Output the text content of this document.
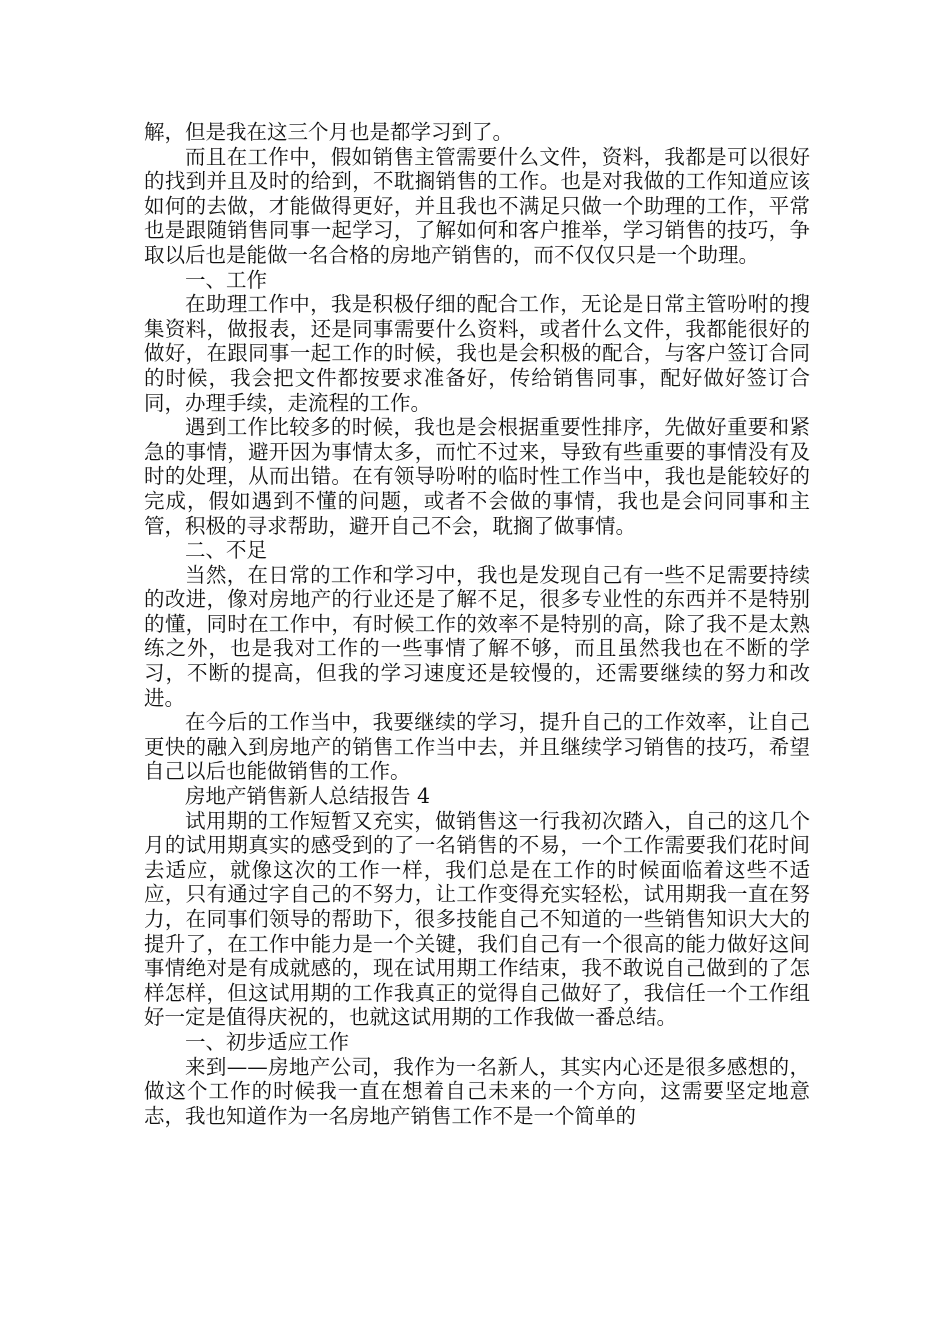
解，但是我在这三个月也是都学习到了。

而且在工作中，假如销售主管需要什么文件，资料，我都是可以很好的找到并且及时的给到，不耽搁销售的工作。也是对我做的工作知道应该如何的去做，才能做得更好，并且我也不满足只做一个助理的工作，平常也是跟随销售同事一起学习，了解如何和客户推举，学习销售的技巧，争取以后也是能做一名合格的房地产销售的，而不仅仅只是一个助理。

一、工作

在助理工作中，我是积极仔细的配合工作，无论是日常主管吩咐的搜集资料，做报表，还是同事需要什么资料，或者什么文件，我都能很好的做好，在跟同事一起工作的时候，我也是会积极的配合，与客户签订合同的时候，我会把文件都按要求准备好，传给销售同事，配好做好签订合同，办理手续，走流程的工作。

遇到工作比较多的时候，我也是会根据重要性排序，先做好重要和紧急的事情，避开因为事情太多，而忙不过来，导致有些重要的事情没有及时的处理，从而出错。在有领导吩咐的临时性工作当中，我也是能较好的完成，假如遇到不懂的问题，或者不会做的事情，我也是会问同事和主管，积极的寻求帮助，避开自己不会，耽搁了做事情。

二、不足

当然，在日常的工作和学习中，我也是发现自己有一些不足需要持续的改进，像对房地产的行业还是了解不足，很多专业性的东西并不是特别的懂，同时在工作中，有时候工作的效率不是特别的高，除了我不是太熟练之外，也是我对工作的一些事情了解不够，而且虽然我也在不断的学习，不断的提高，但我的学习速度还是较慢的，还需要继续的努力和改进。

在今后的工作当中，我要继续的学习，提升自己的工作效率，让自己更快的融入到房地产的销售工作当中去，并且继续学习销售的技巧，希望自己以后也能做销售的工作。

房地产销售新人总结报告 4

试用期的工作短暂又充实，做销售这一行我初次踏入，自己的这几个月的试用期真实的感受到的了一名销售的不易，一个工作需要我们花时间去适应，就像这次的工作一样，我们总是在工作的时候面临着这些不适应，只有通过字自己的不努力，让工作变得充实轻松，试用期我一直在努力，在同事们领导的帮助下，很多技能自己不知道的一些销售知识大大的提升了，在工作中能力是一个关键，我们自己有一个很高的能力做好这间事情绝对是有成就感的，现在试用期工作结束，我不敢说自己做到的了怎样怎样，但这试用期的工作我真正的觉得自己做好了，我信任一个工作组好一定是值得庆祝的，也就这试用期的工作我做一番总结。

一、初步适应工作

来到——房地产公司，我作为一名新人，其实内心还是很多感想的，做这个工作的时候我一直在想着自己未来的一个方向，这需要坚定地意志，我也知道作为一名房地产销售工作不是一个简单的
